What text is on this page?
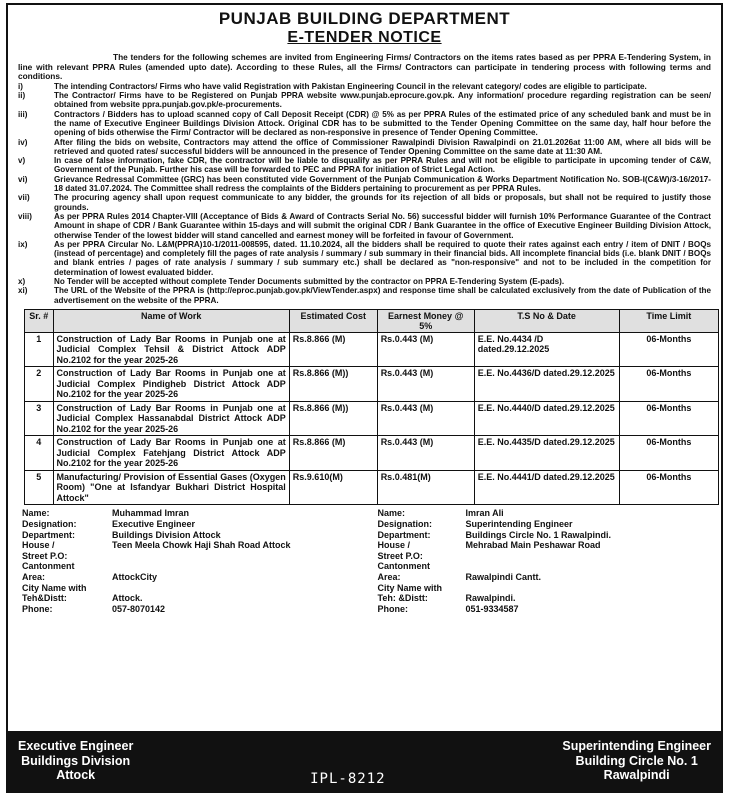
PUNJAB BUILDING DEPARTMENT
E-TENDER NOTICE
The tenders for the following schemes are invited from Engineering Firms/ Contractors on the items rates based as per PPRA E-Tendering System, in line with relevant PPRA Rules (amended upto date). According to these Rules, all the Firms/ Contractors can participate in tendering process with following terms and conditions.
i)	The intending Contractors/ Firms who have valid Registration with Pakistan Engineering Council in the relevant category/ codes are eligible to participate.
ii)	The Contractor/ Firms have to be Registered on Punjab PPRA website www.punjab.eprocure.gov.pk. Any information/ procedure regarding registration can be seen/ obtained from website ppra.punjab.gov.pk/e-procurements.
iii)	Contractors / Bidders has to upload scanned copy of Call Deposit Receipt (CDR) @ 5% as per PPRA Rules of the estimated price of any scheduled bank and must be in the name of Executive Engineer Buildings Division Attock. Original CDR has to be submitted to the Tender Opening Committee on the same day, half hour before the opening of bids otherwise the Firm/ Contractor will be declared as non-responsive in presence of Tender Opening Committee.
iv)	After filing the bids on website, Contractors may attend the office of Commissioner Rawalpindi Division Rawalpindi on 21.01.2026at 11:00 AM, where all bids will be retrieved and quoted rates/ successful bidders will be announced in the presence of Tender Opening Committee on the same date at 11:30 AM.
v)	In case of false information, fake CDR, the contractor will be liable to disqualify as per PPRA Rules and will not be eligible to participate in upcoming tender of C&W, Government of the Punjab. Further his case will be forwarded to PEC and PPRA for initiation of Strict Legal Action.
vi)	Grievance Redressal Committee (GRC) has been constituted vide Government of the Punjab Communication & Works Department Notification No. SOB-I(C&W)/3-16/2017-18 dated 31.07.2024. The Committee shall redress the complaints of the Bidders pertaining to procurement as per PPRA Rules.
vii)	The procuring agency shall upon request communicate to any bidder, the grounds for its rejection of all bids or proposals, but shall not be required to justify those grounds.
viii)	As per PPRA Rules 2014 Chapter-VIII (Acceptance of Bids & Award of Contracts Serial No. 56) successful bidder will furnish 10% Performance Guarantee of the Contract Amount in shape of CDR / Bank Guarantee within 15-days and will submit the original CDR / Bank Guarantee in the office of Executive Engineer Building Division Attock, otherwise Tender of the lowest bidder will stand cancelled and earnest money will be forfeited in favour of Government.
ix)	As per PPRA Circular No. L&M(PPRA)10-1/2011-008595, dated. 11.10.2024, all the bidders shall be required to quote their rates against each entry / item of DNIT / BOQs (instead of percentage) and completely fill the pages of rate analysis / summary / sub summary in their financial bids. All incomplete financial bids (i.e. blank DNIT / BOQs and blank entries / pages of rate analysis / summary / sub summary etc.) shall be declared as "non-responsive" and not to be included in the competition for determination of lowest evaluated bidder.
x)	No Tender will be accepted without complete Tender Documents submitted by the contractor on PPRA E-Tendering System (E-pads).
xi)	The URL of the Website of the PPRA is (http://eproc.punjab.gov.pk/ViewTender.aspx) and response time shall be calculated exclusively from the date of Publication of the advertisement on the website of the PPRA.
Sr. #	Name of Work	Estimated Cost	Earnest Money @ 5%	T.S No & Date	Time Limit
1	Construction of Lady Bar Rooms in Punjab one at Judicial Complex Tehsil & District Attock ADP No.2102 for the year 2025-26	Rs.8.866 (M)	Rs.0.443 (M)	E.E. No.4434 /D dated.29.12.2025	06-Months
2	Construction of Lady Bar Rooms in Punjab one at Judicial Complex Pindigheb District Attock ADP No.2102 for the year 2025-26	Rs.8.866 (M))	Rs.0.443 (M)	E.E. No.4436/D dated.29.12.2025	06-Months
3	Construction of Lady Bar Rooms in Punjab one at Judicial Complex Hassanabdal District Attock ADP No.2102 for the year 2025-26	Rs.8.866 (M))	Rs.0.443 (M)	E.E. No.4440/D dated.29.12.2025	06-Months
4	Construction of Lady Bar Rooms in Punjab one at Judicial Complex Fatehjang District Attock ADP No.2102 for the year 2025-26	Rs.8.866 (M)	Rs.0.443 (M)	E.E. No.4435/D dated.29.12.2025	06-Months
5	Manufacturing/ Provision of Essential Gases (Oxygen Room) "One at Isfandyar Bukhari District Hospital Attock"	Rs.9.610(M)	Rs.0.481(M)	E.E. No.4441/D dated.29.12.2025	06-Months
Name:	Muhammad Imran
Designation:	Executive Engineer
Department:	Buildings Division Attock
House /	Teen Meela Chowk Haji Shah Road Attock
Street P.O:
Cantonment
Area:	AttockCity
City Name with
Teh&Distt:	Attock.
Phone:	057-8070142
Name:	Imran Ali
Designation:	Superintending Engineer
Department:	Buildings Circle No. 1 Rawalpindi.
House /	Mehrabad Main Peshawar Road
Street P.O:
Cantonment
Area:	Rawalpindi Cantt.
City Name with
Teh: &Distt:	Rawalpindi.
Phone:	051-9334587
Executive Engineer
Buildings Division
Attock	IPL-8212
Superintending Engineer
Building Circle No. 1
Rawalpindi
